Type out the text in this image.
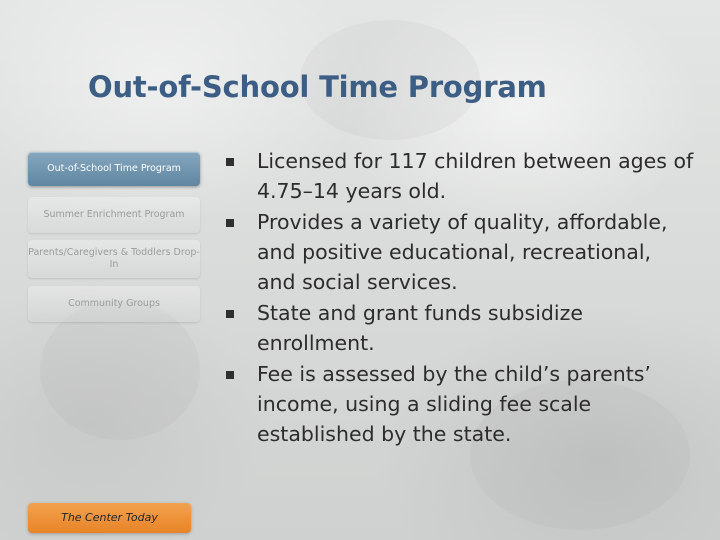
Out-of-School Time Program
Out-of-School Time Program
Summer Enrichment Program
Parents/Caregivers & Toddlers Drop-In
Community Groups
The Center Today
Licensed for 117 children between ages of 4.75–14 years old.
Provides a variety of quality, affordable, and positive educational, recreational, and social services.
State and grant funds subsidize enrollment.
Fee is assessed by the child’s parents’ income, using a sliding fee scale established by the state.
